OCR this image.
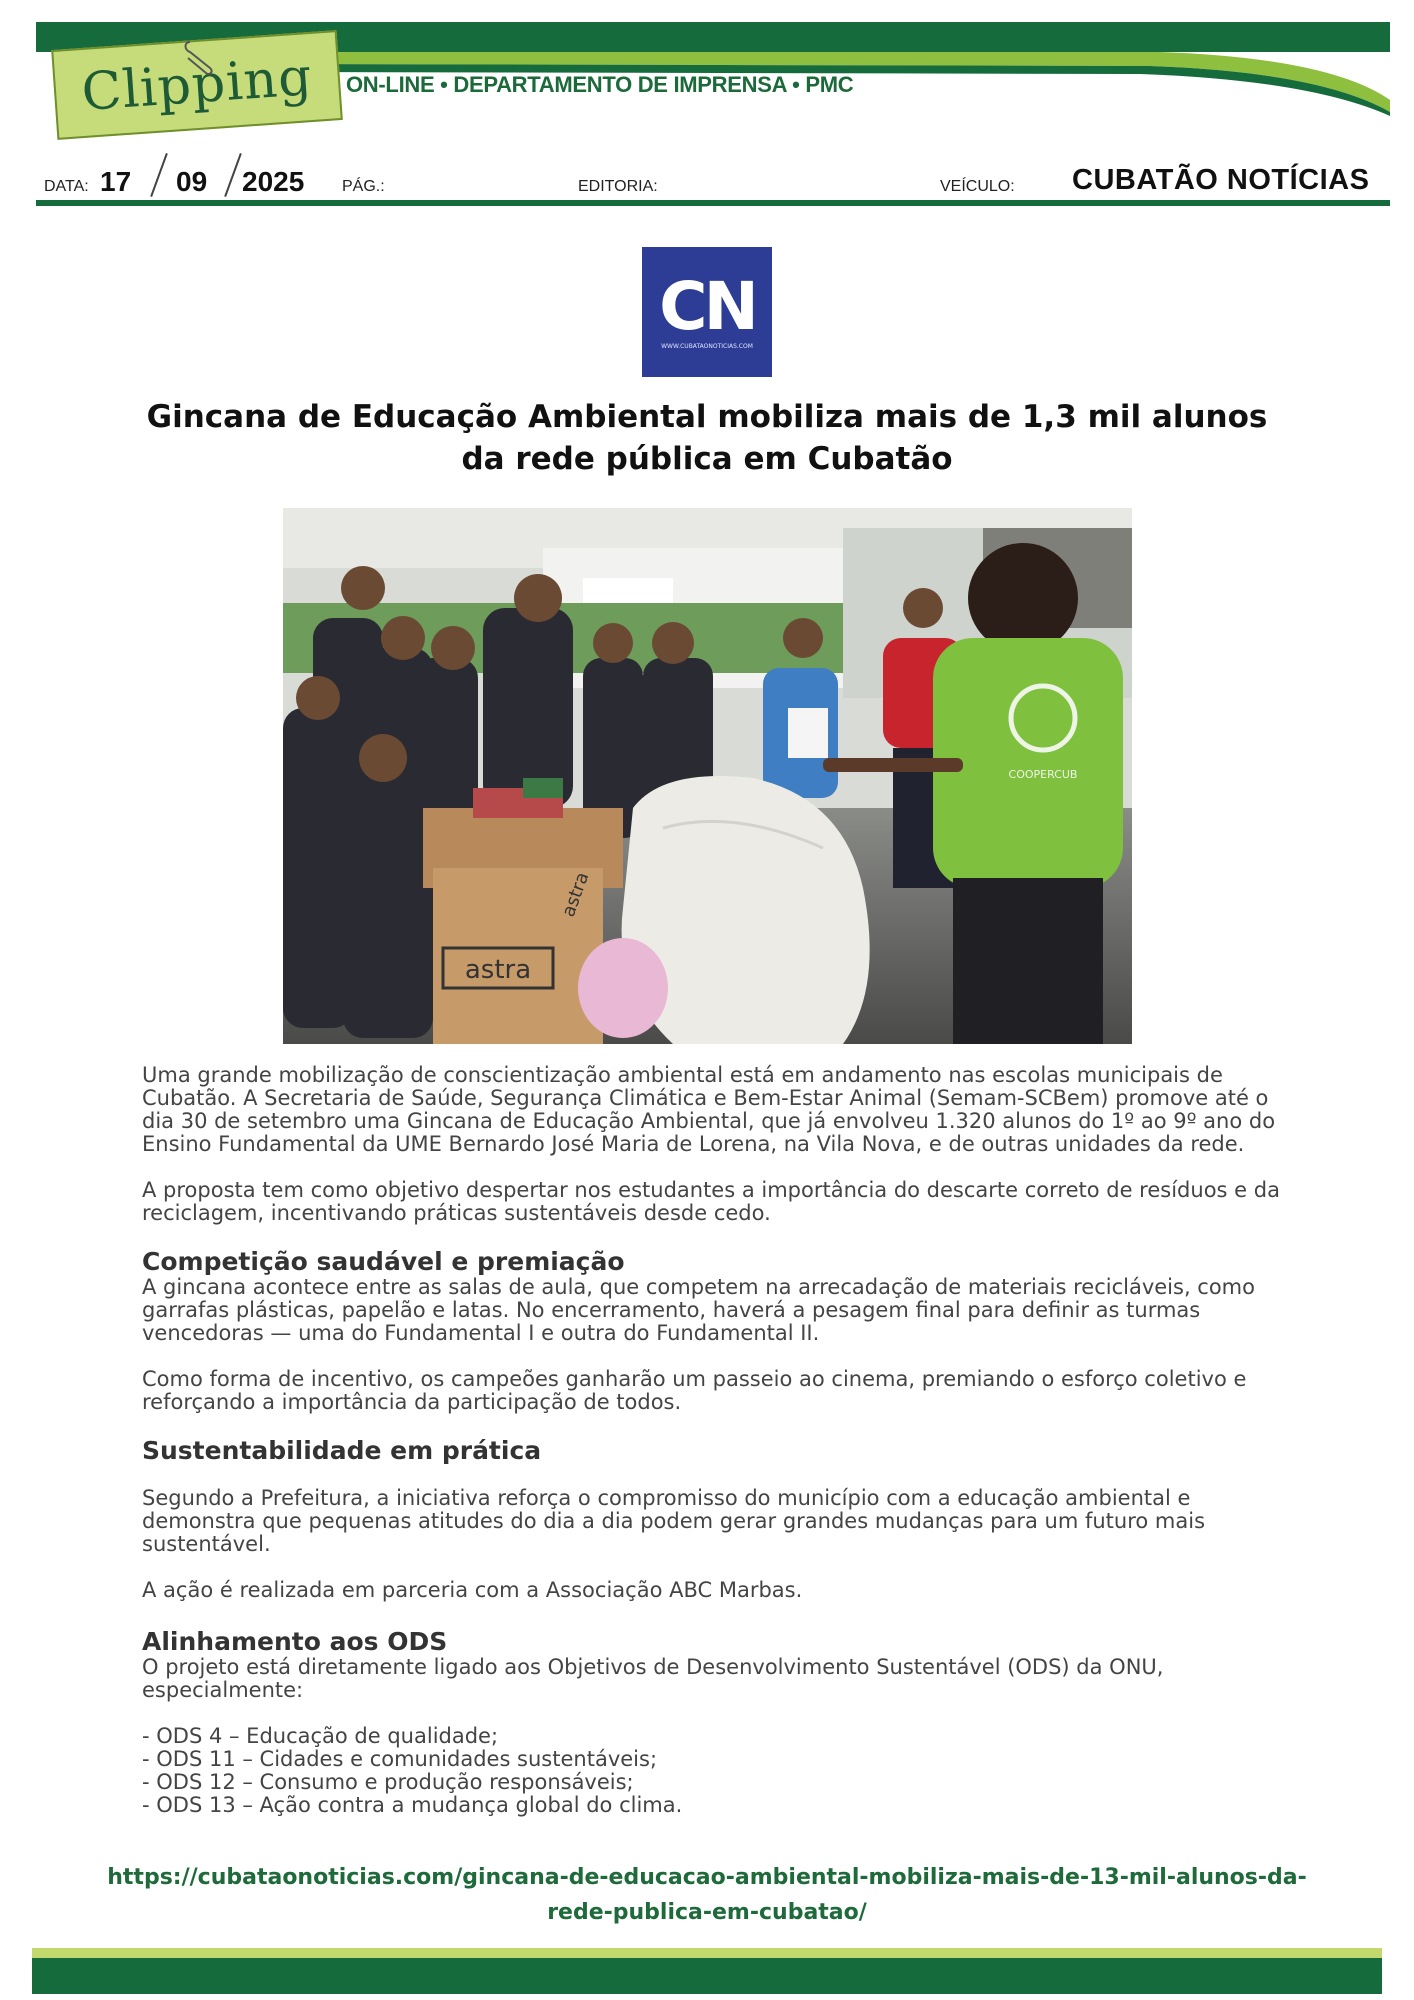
Clipping ON-LINE • DEPARTAMENTO DE IMPRENSA • PMC
DATA: 17 09 2025 PÁG.:	EDITORIA:	VEÍCULO: CUBATÃO NOTÍCIAS
CN
WWW.CUBATAONOTICIAS.COM
Gincana de Educação Ambiental mobiliza mais de 1,3 mil alunos da rede pública em Cubatão
COOPERCUB
astra
astra

Uma grande mobilização de conscientização ambiental está em andamento nas escolas municipais de Cubatão. A Secretaria de Saúde, Segurança Climática e Bem-Estar Animal (Semam-SCBem) promove até o dia 30 de setembro uma Gincana de Educação Ambiental, que já envolveu 1.320 alunos do 1º ao 9º ano do Ensino Fundamental da UME Bernardo José Maria de Lorena, na Vila Nova, e de outras unidades da rede.

A proposta tem como objetivo despertar nos estudantes a importância do descarte correto de resíduos e da reciclagem, incentivando práticas sustentáveis desde cedo.

Competição saudável e premiação

A gincana acontece entre as salas de aula, que competem na arrecadação de materiais recicláveis, como garrafas plásticas, papelão e latas. No encerramento, haverá a pesagem final para definir as turmas vencedoras — uma do Fundamental I e outra do Fundamental II.

Como forma de incentivo, os campeões ganharão um passeio ao cinema, premiando o esforço coletivo e reforçando a importância da participação de todos.

Sustentabilidade em prática

Segundo a Prefeitura, a iniciativa reforça o compromisso do município com a educação ambiental e demonstra que pequenas atitudes do dia a dia podem gerar grandes mudanças para um futuro mais sustentável.

A ação é realizada em parceria com a Associação ABC Marbas.

Alinhamento aos ODS

O projeto está diretamente ligado aos Objetivos de Desenvolvimento Sustentável (ODS) da ONU, especialmente:

- ODS 4 – Educação de qualidade;
- ODS 11 – Cidades e comunidades sustentáveis;
- ODS 12 – Consumo e produção responsáveis;
- ODS 13 – Ação contra a mudança global do clima.
https://cubataonoticias.com/gincana-de-educacao-ambiental-mobiliza-mais-de-13-mil-alunos-da-rede-publica-em-cubatao/
